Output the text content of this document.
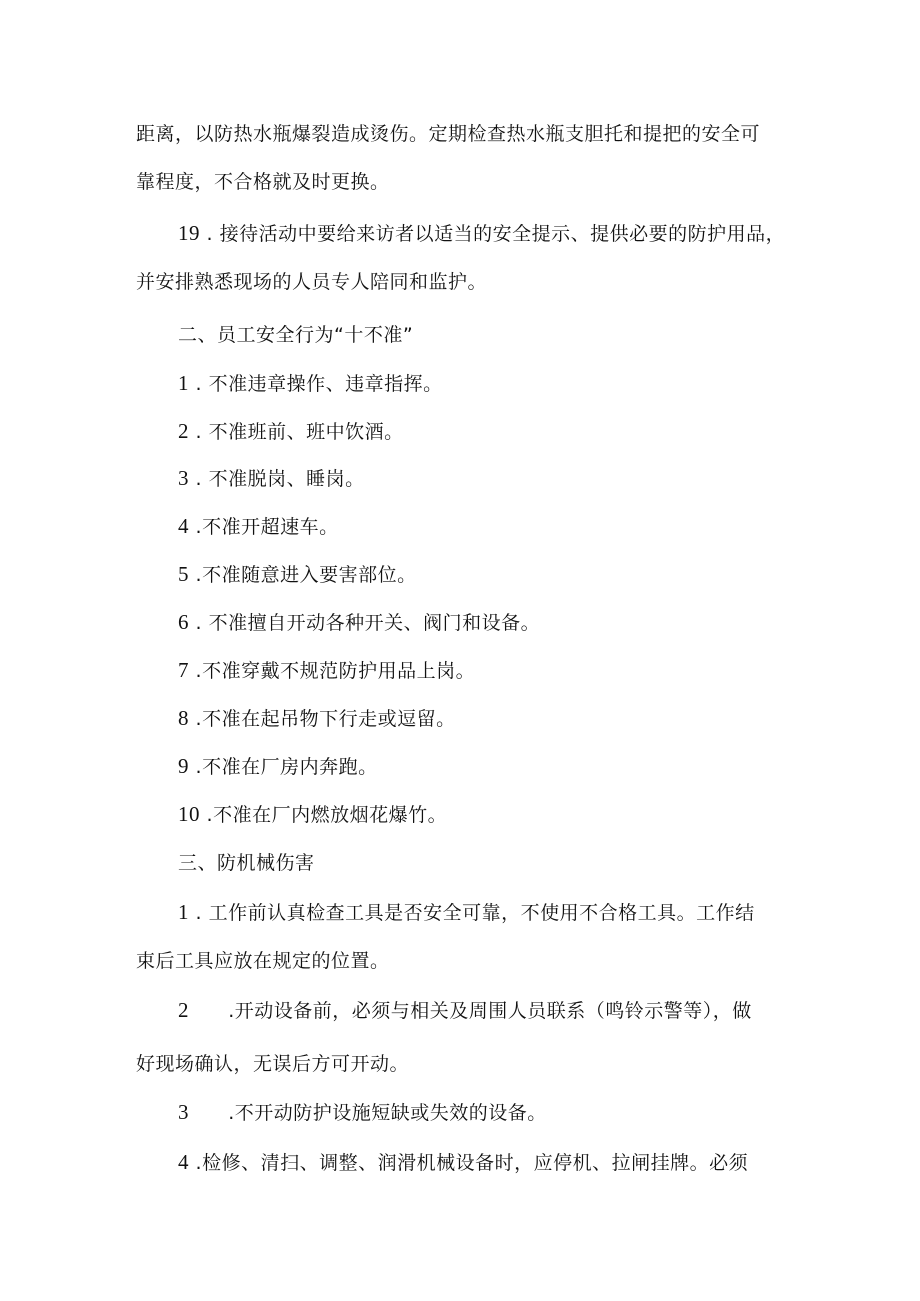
距离，以防热水瓶爆裂造成烫伤。定期检查热水瓶支胆托和提把的安全可
靠程度，不合格就及时更换。
19 . 接待活动中要给来访者以适当的安全提示、提供必要的防护用品，
并安排熟悉现场的人员专人陪同和监护。
二、员工安全行为“十不准”
1 . 不准违章操作、违章指挥。
2 . 不准班前、班中饮酒。
3 . 不准脱岗、睡岗。
4 .不准开超速车。
5 .不准随意进入要害部位。
6 . 不准擅自开动各种开关、阀门和设备。
7 .不准穿戴不规范防护用品上岗。
8 .不准在起吊物下行走或逗留。
9 .不准在厂房内奔跑。
10 .不准在厂内燃放烟花爆竹。
三、防机械伤害
1 . 工作前认真检查工具是否安全可靠，不使用不合格工具。工作结
束后工具应放在规定的位置。
2      .开动设备前，必须与相关及周围人员联系（鸣铃示警等），做
好现场确认，无误后方可开动。
3      .不开动防护设施短缺或失效的设备。
4 .检修、清扫、调整、润滑机械设备时，应停机、拉闸挂牌。必须
